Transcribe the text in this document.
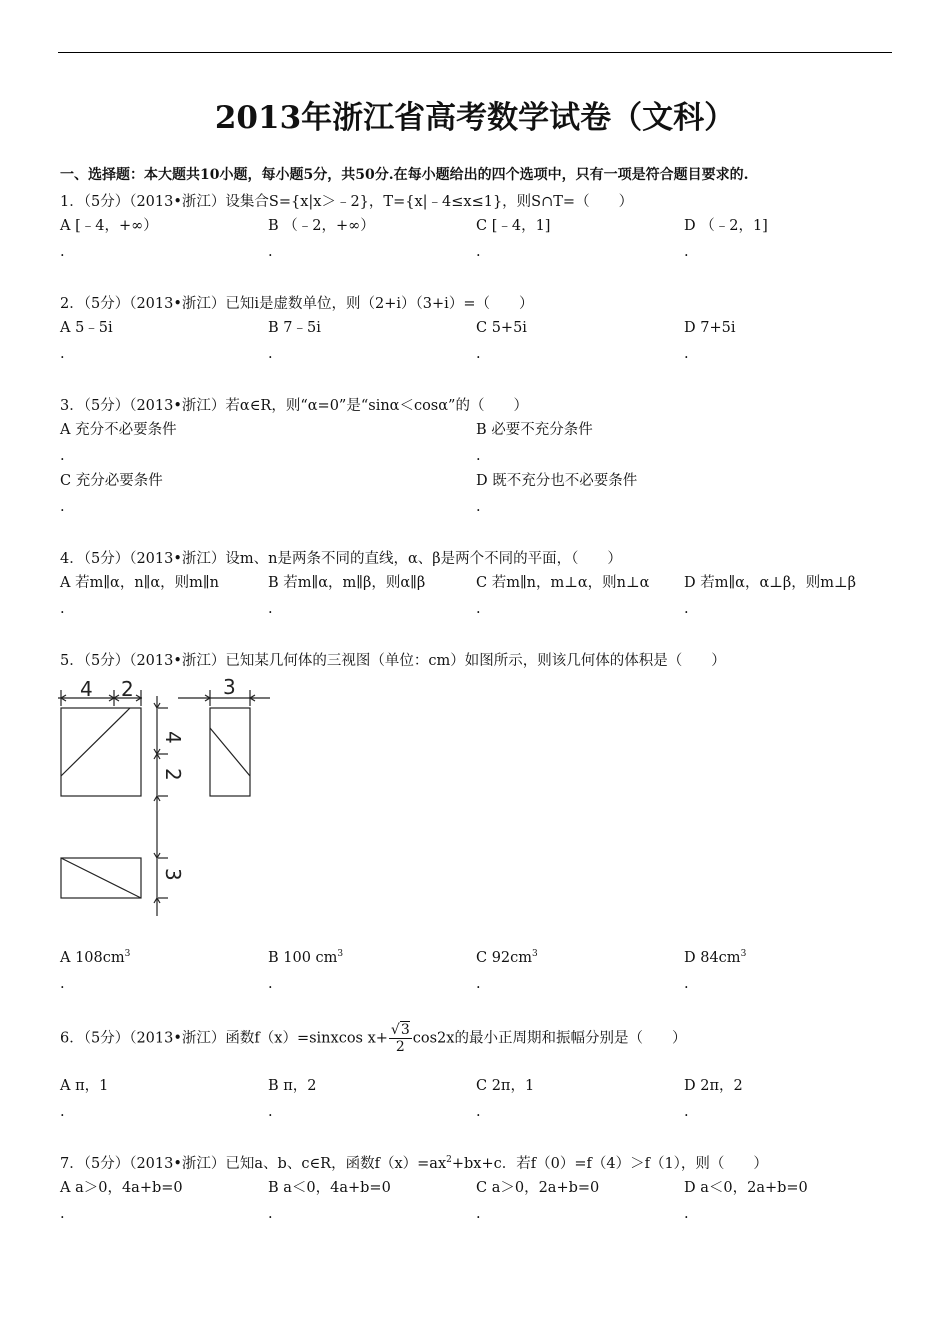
2013年浙江省高考数学试卷（文科）
一、选择题：本大题共10小题，每小题5分，共50分.在每小题给出的四个选项中，只有一项是符合题目要求的.
1．（5分）（2013•浙江）设集合S={x|x＞﹣2}，T={x|﹣4≤x≤1}，则S∩T=（　　）
A [﹣4，+∞）
.
B （﹣2，+∞）
.
C [﹣4，1]
.
D （﹣2，1]
.
2．（5分）（2013•浙江）已知i是虚数单位，则（2+i）（3+i）=（　　）
A 5﹣5i
.
B 7﹣5i
.
C 5+5i
.
D 7+5i
.
3．（5分）（2013•浙江）若α∈R，则“α=0”是“sinα＜cosα”的（　　）
A 充分不必要条件
.
B 必要不充分条件
.
C 充分必要条件
.
D 既不充分也不必要条件
.
4．（5分）（2013•浙江）设m、n是两条不同的直线，α、β是两个不同的平面，（　　）
A 若m∥α，n∥α，则m∥n
.
B 若m∥α，m∥β，则α∥β
.
C 若m∥n，m⊥α，则n⊥α
.
D 若m∥α，α⊥β，则m⊥β
.
5．（5分）（2013•浙江）已知某几何体的三视图（单位：cm）如图所示，则该几何体的体积是（　　）
4 2	3
4
2
3
A $108cm^3$
.
B 100 $cm^3$
.
C $92cm^3$
.
D $84cm^3$
.
6．（5分）（2013•浙江）函数f（x）=sinxcos $x+ \frac{√3}{2} \cos 2x$的最小正周期和振幅分别是（　　）
A π，1
.
B π，2
.
C 2π，1
.
D 2π，2
.
7．（5分）（2013•浙江）已知a、b、c∈R，函数$f(x)=ax^2+bx+c$．若f（0）=f（4）＞f（1），则（　　）
A a＞0，4a+b=0
.
B a＜0，4a+b=0
.
C a＞0，2a+b=0
.
D a＜0，2a+b=0
.
